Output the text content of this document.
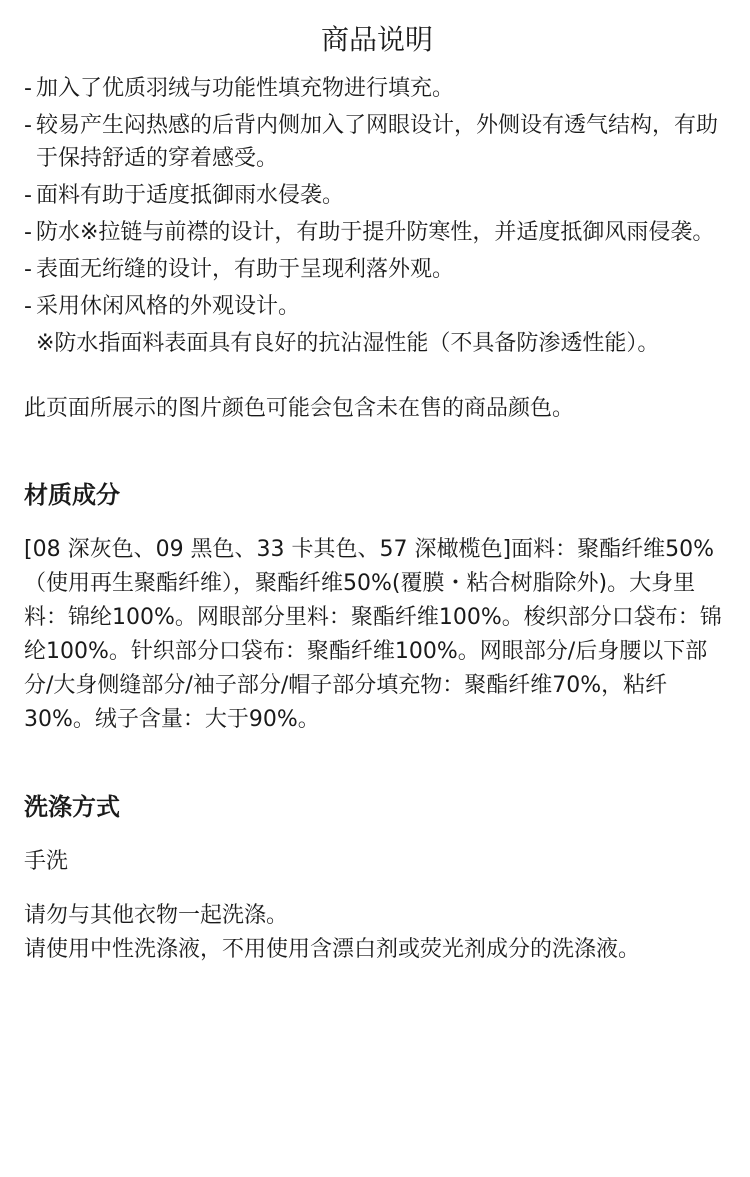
商品说明
- 加入了优质羽绒与功能性填充物进行填充。
- 较易产生闷热感的后背内侧加入了网眼设计，外侧设有透气结构，有助于保持舒适的穿着感受。
- 面料有助于适度抵御雨水侵袭。
- 防水※拉链与前襟的设计，有助于提升防寒性，并适度抵御风雨侵袭。
- 表面无绗缝的设计，有助于呈现利落外观。
- 采用休闲风格的外观设计。
※防水指面料表面具有良好的抗沾湿性能（不具备防渗透性能）。
此页面所展示的图片颜色可能会包含未在售的商品颜色。
材质成分

[08 深灰色、09 黑色、33 卡其色、57 深橄榄色]面料：聚酯纤维50%（使用再生聚酯纤维），聚酯纤维50%(覆膜・粘合树脂除外)。大身里料：锦纶100%。网眼部分里料：聚酯纤维100%。梭织部分口袋布：锦纶100%。针织部分口袋布：聚酯纤维100%。网眼部分/后身腰以下部分/大身侧缝部分/袖子部分/帽子部分填充物：聚酯纤维70%，粘纤30%。绒子含量：大于90%。

洗涤方式
手洗

请勿与其他衣物一起洗涤。

请使用中性洗涤液，不用使用含漂白剂或荧光剂成分的洗涤液。
